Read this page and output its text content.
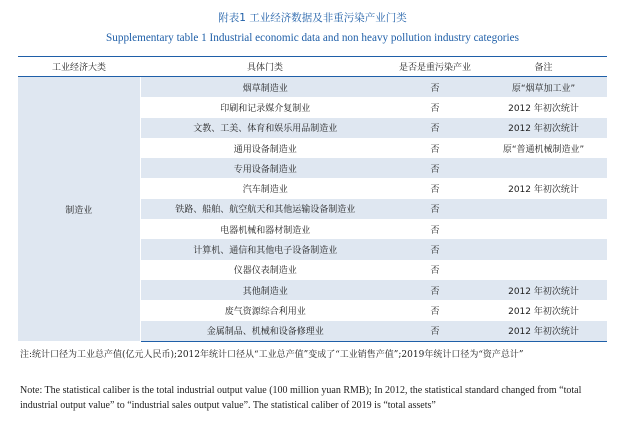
附表1 工业经济数据及非重污染产业门类
Supplementary table 1 Industrial economic data and non heavy pollution industry categories
工业经济大类	具体门类	是否是重污染产业	备注
制造业	烟草制造业	否	原“烟草加工业”
	印刷和记录媒介复制业	否	2012 年初次统计
	文教、工美、体育和娱乐用品制造业	否	2012 年初次统计
	通用设备制造业	否	原“普通机械制造业”
	专用设备制造业	否	
	汽车制造业	否	2012 年初次统计
	铁路、船舶、航空航天和其他运输设备制造业	否	
	电器机械和器材制造业	否	
	计算机、通信和其他电子设备制造业	否	
	仪器仪表制造业	否	
	其他制造业	否	2012 年初次统计
	废气资源综合利用业	否	2012 年初次统计
	金属制品、机械和设备修理业	否	2012 年初次统计
注:统计口径为工业总产值(亿元人民币);2012年统计口径从“工业总产值”变成了“工业销售产值”;2019年统计口径为“资产总计”
Note: The statistical caliber is the total industrial output value (100 million yuan RMB); In 2012, the statistical standard changed from “total industrial output value” to “industrial sales output value”. The statistical caliber of 2019 is “total assets”
